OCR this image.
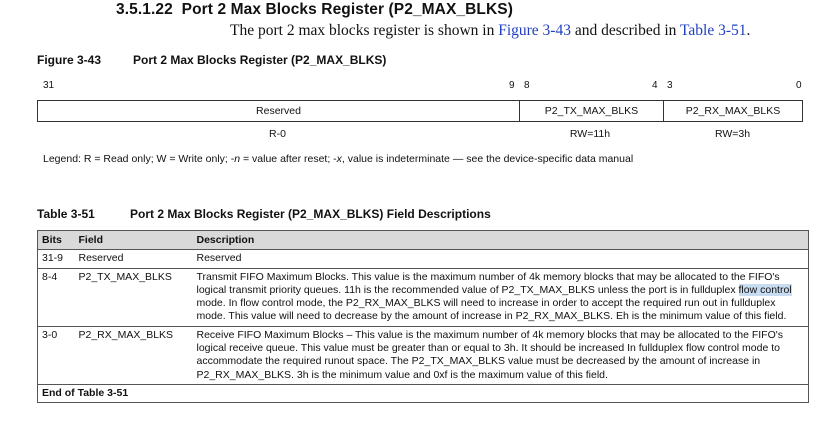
3.5.1.22 Port 2 Max Blocks Register (P2_MAX_BLKS)
The port 2 max blocks register is shown in Figure 3-43 and described in Table 3-51.
Figure 3-43	Port 2 Max Blocks Register (P2_MAX_BLKS)
31	9 8	4 3	0
Reserved	P2_TX_MAX_BLKS	P2_RX_MAX_BLKS
R-0	RW=11h	RW=3h
Legend: R = Read only; W = Write only; -n = value after reset; -x, value is indeterminate — see the device-specific data manual
Table 3-51	Port 2 Max Blocks Register (P2_MAX_BLKS) Field Descriptions
Bits	Field	Description
31-9	Reserved	Reserved
8-4	P2_TX_MAX_BLKS	Transmit FIFO Maximum Blocks. This value is the maximum number of 4k memory blocks that may be allocated to the FIFO's logical transmit priority queues. 11h is the recommended value of P2_TX_MAX_BLKS unless the port is in fullduplex flow control mode. In flow control mode, the P2_RX_MAX_BLKS will need to increase in order to accept the required run out in fullduplex mode. This value will need to decrease by the amount of increase in P2_RX_MAX_BLKS. Eh is the minimum value of this field.
3-0	P2_RX_MAX_BLKS	Receive FIFO Maximum Blocks – This value is the maximum number of 4k memory blocks that may be allocated to the FIFO's logical receive queue. This value must be greater than or equal to 3h. It should be increased In fullduplex flow control mode to accommodate the required runout space. The P2_TX_MAX_BLKS value must be decreased by the amount of increase in P2_RX_MAX_BLKS. 3h is the minimum value and 0xf is the maximum value of this field.
End of Table 3-51		
